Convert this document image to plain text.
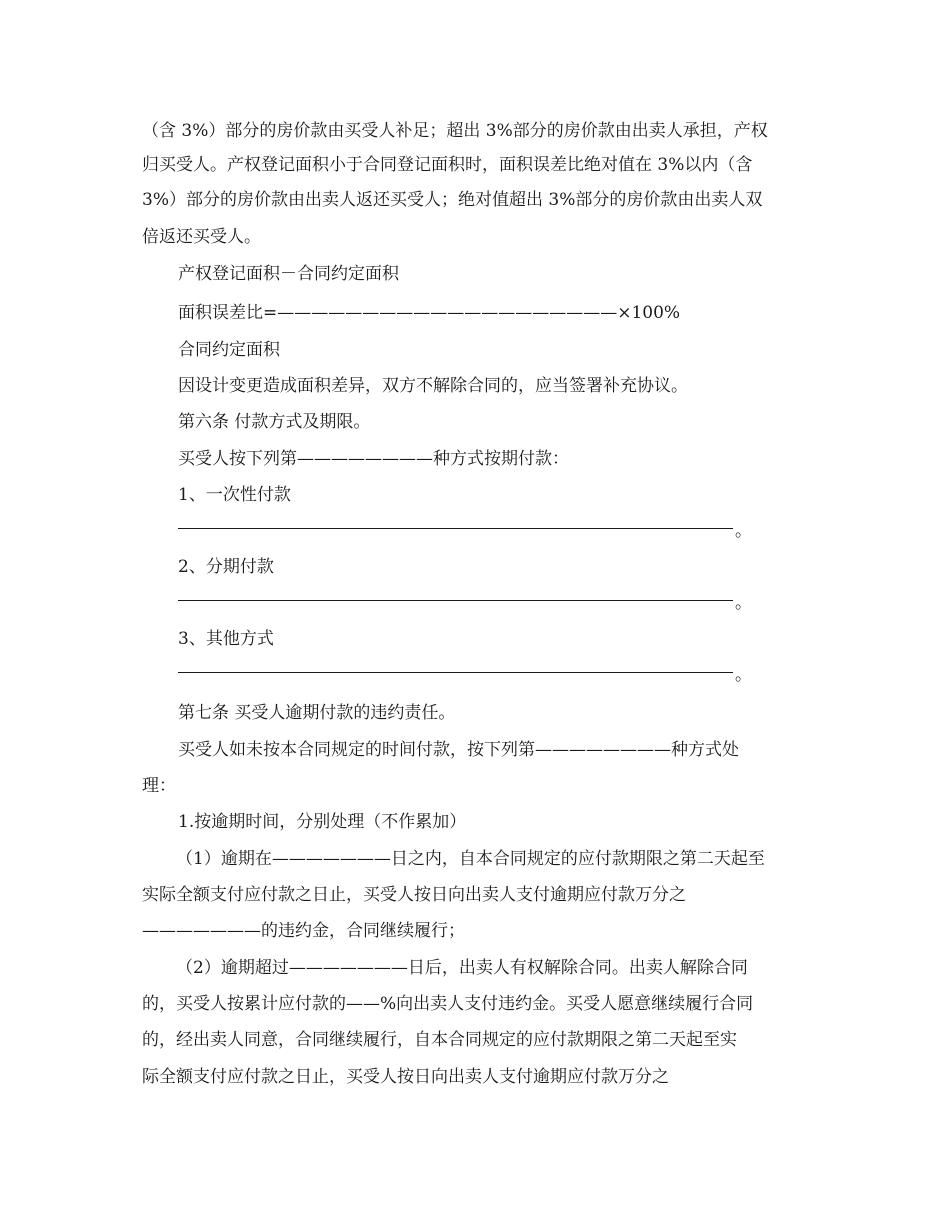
（含 3%）部分的房价款由买受人补足；超出 3%部分的房价款由出卖人承担，产权
归买受人。产权登记面积小于合同登记面积时，面积误差比绝对值在 3%以内（含
3%）部分的房价款由出卖人返还买受人；绝对值超出 3%部分的房价款由出卖人双
倍返还买受人。
产权登记面积－合同约定面积
面积误差比=————————————————————×100%
合同约定面积
因设计变更造成面积差异，双方不解除合同的，应当签署补充协议。
第六条 付款方式及期限。
买受人按下列第————————种方式按期付款：
1、一次性付款
。
2、分期付款
。
3、其他方式
。
第七条 买受人逾期付款的违约责任。
买受人如未按本合同规定的时间付款，按下列第————————种方式处
理：
1.按逾期时间，分别处理（不作累加）
（1）逾期在———————日之内，自本合同规定的应付款期限之第二天起至
实际全额支付应付款之日止，买受人按日向出卖人支付逾期应付款万分之
———————的违约金，合同继续履行；
（2）逾期超过———————日后，出卖人有权解除合同。出卖人解除合同
的，买受人按累计应付款的——%向出卖人支付违约金。买受人愿意继续履行合同
的，经出卖人同意，合同继续履行，自本合同规定的应付款期限之第二天起至实
际全额支付应付款之日止，买受人按日向出卖人支付逾期应付款万分之
